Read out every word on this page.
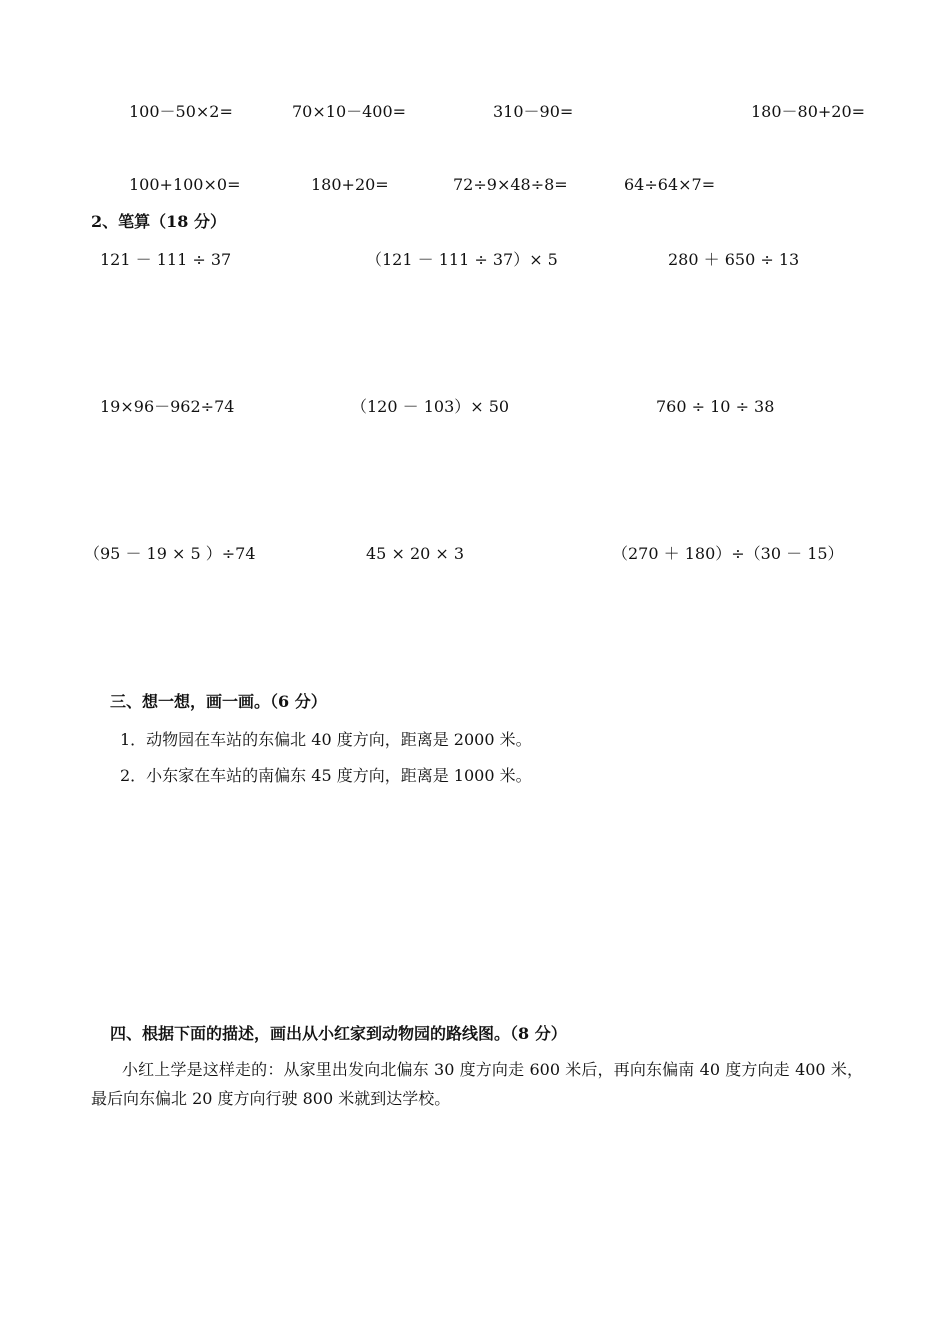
100－50×2=	70×10－400=	310－90=	180－80+20=
100+100×0=	180+20=	72÷9×48÷8=	64÷64×7=
2、笔算（18 分）
121 － 111 ÷ 37	（121 － 111 ÷ 37）× 5	280 ＋ 650 ÷ 13
19×96－962÷74	（120 － 103）× 50	760 ÷ 10 ÷ 38
（95 － 19 × 5 ）÷74	45 × 20 × 3	（270 ＋ 180）÷（30 － 15）
三、想一想，画一画。（6 分）
1．动物园在车站的东偏北 40 度方向，距离是 2000 米。
2．小东家在车站的南偏东 45 度方向，距离是 1000 米。
四、根据下面的描述，画出从小红家到动物园的路线图。（8 分）
小红上学是这样走的：从家里出发向北偏东 30 度方向走 600 米后，再向东偏南 40 度方向走 400 米，最后向东偏北 20 度方向行驶 800 米就到达学校。
